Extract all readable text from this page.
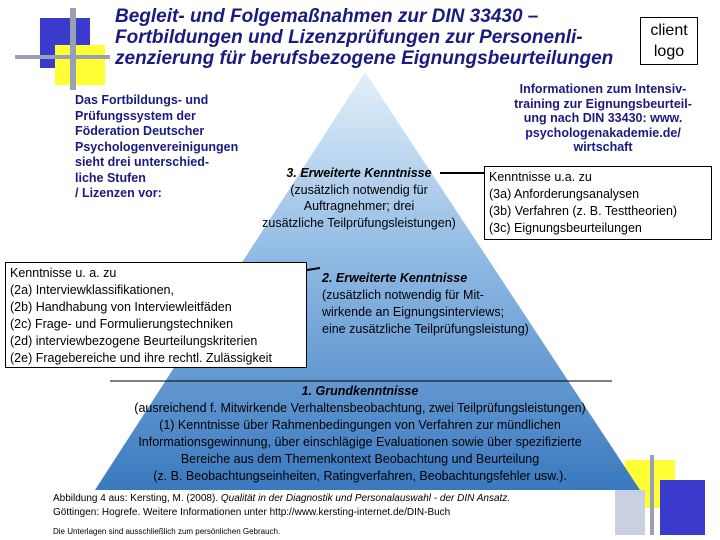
Begleit- und Folgemaßnahmen zur DIN 33430 –
Fortbildungen und Lizenzprüfungen zur Personenli-
zenzierung für berufsbezogene Eignungsbeurteilungen
client
logo
Das Fortbildungs- und
Prüfungssystem der
Föderation Deutscher
Psychologenvereinigungen
sieht drei unterschied-
liche Stufen
/ Lizenzen vor:
Informationen zum Intensiv-
training zur Eignungsbeurteil-
ung nach DIN 33430: www.
psychologenakademie.de/
wirtschaft
3. Erweiterte Kenntnisse
(zusätzlich notwendig für
Auftragnehmer; drei
zusätzliche Teilprüfungsleistungen)
Kenntnisse u.a. zu
(3a) Anforderungsanalysen
(3b) Verfahren (z. B. Testtheorien)
(3c) Eignungsbeurteilungen
Kenntnisse u. a. zu
(2a) Interviewklassifikationen,
(2b) Handhabung von Interviewleitfäden
(2c) Frage- und Formulierungstechniken
(2d) interviewbezogene Beurteilungskriterien
(2e) Fragebereiche und ihre rechtl. Zulässigkeit
2. Erweiterte Kenntnisse
(zusätzlich notwendig für Mit-
wirkende an Eignungsinterviews;
eine zusätzliche Teilprüfungsleistung)
1. Grundkenntnisse
(ausreichend f. Mitwirkende Verhaltensbeobachtung, zwei Teilprüfungsleistungen)
(1) Kenntnisse über Rahmenbedingungen von Verfahren zur mündlichen
Informationsgewinnung, über einschlägige Evaluationen sowie über spezifizierte
Bereiche aus dem Themenkontext Beobachtung und Beurteilung
(z. B. Beobachtungseinheiten, Ratingverfahren, Beobachtungsfehler usw.).
Abbildung 4 aus: Kersting, M. (2008). Qualität in der Diagnostik und Personalauswahl - der DIN Ansatz.
Göttingen: Hogrefe. Weitere Informationen unter http://www.kersting-internet.de/DIN-Buch
Die Unterlagen sind ausschließlich zum persönlichen Gebrauch.
